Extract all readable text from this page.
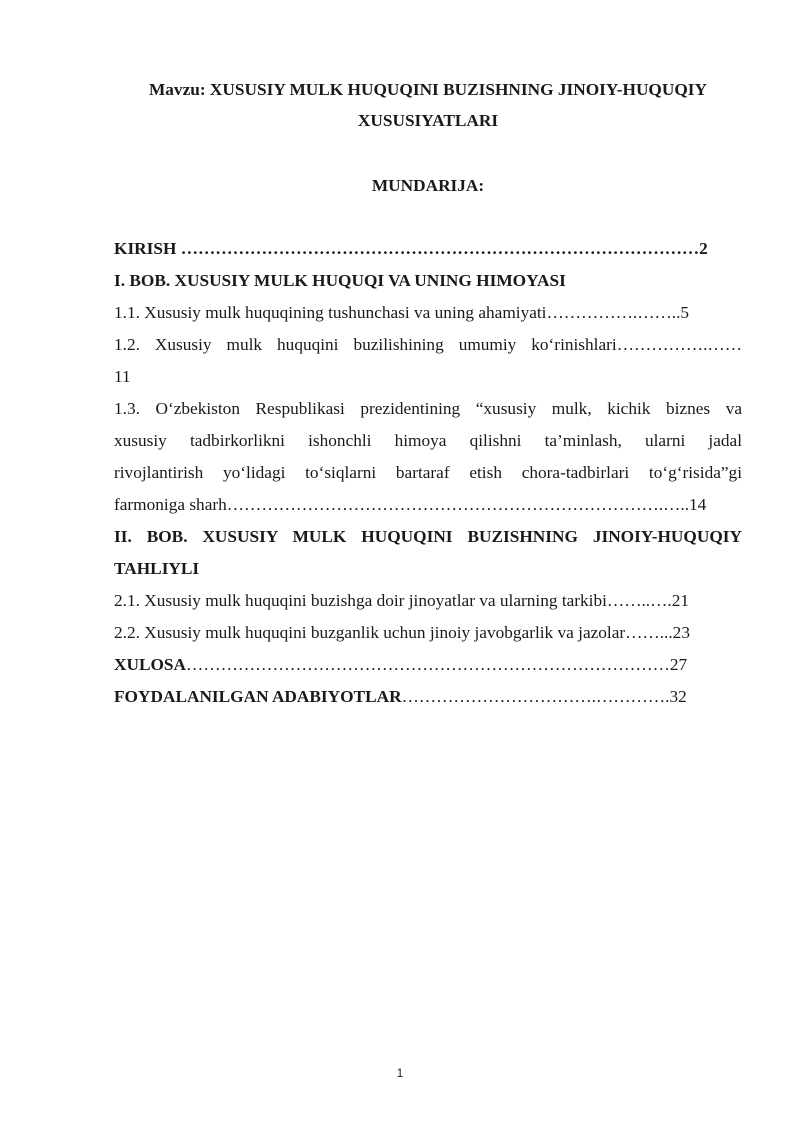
Mavzu: XUSUSIY MULK HUQUQINI BUZISHNING JINOIY-HUQUQIY
XUSUSIYATLARI
MUNDARIJA:
KIRISH ………………………………………………………………………………2
I. BOB. XUSUSIY MULK HUQUQI VA UNING HIMOYASI
1.1. Xususiy mulk huquqining tushunchasi va uning ahamiyati…………….……..5
1.2. Xususiy mulk huquqini buzilishining umumiy ko‘rinishlari…………….……
11
1.3. O‘zbekiston Respublikasi prezidentining “xususiy mulk, kichik biznes va
xususiy tadbirkorlikni ishonchli himoya qilishni ta’minlash, ularni jadal
rivojlantirish yo‘lidagi to‘siqlarni bartaraf etish chora-tadbirlari to‘g‘risida”gi
farmoniga sharh………………………………………………………………….…..14
II. BOB. XUSUSIY MULK HUQUQINI BUZISHNING JINOIY-HUQUQIY
TAHLIYLI
2.1. Xususiy mulk huquqini buzishga doir jinoyatlar va ularning tarkibi……..….21
2.2. Xususiy mulk huquqini buzganlik uchun jinoiy javobgarlik va jazolar……...23
XULOSA…………………………………………………………………………27
FOYDALANILGAN ADABIYOTLAR…………………………….………….32
1
